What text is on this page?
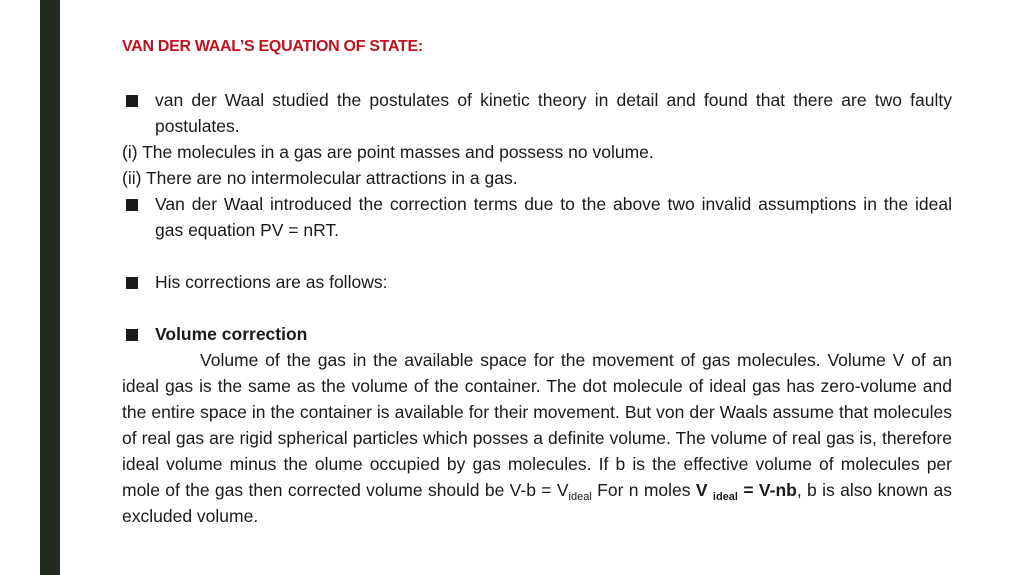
VAN DER WAAL’S EQUATION OF STATE:
van der Waal studied the postulates of kinetic theory in detail and found that there are two faulty postulates.

(i) The molecules in a gas are point masses and possess no volume.

(ii) There are no intermolecular attractions in a gas.

Van der Waal introduced the correction terms due to the above two invalid assumptions in the ideal gas equation PV = nRT.
His corrections are as follows:
Volume correction
Volume of the gas in the available space for the movement of gas molecules. Volume V of an ideal gas is the same as the volume of the container. The dot molecule of ideal gas has zero-volume and the entire space in the container is available for their movement. But von der Waals assume that molecules of real gas are rigid spherical particles which posses a definite volume. The volume of real gas is, therefore ideal volume minus the olume occupied by gas molecules. If b is the effective volume of molecules per mole of the gas then corrected volume should be $V-b = V_{ideal}$ For n moles V $_{ideal}$ = V-nb, b is also known as excluded volume.
